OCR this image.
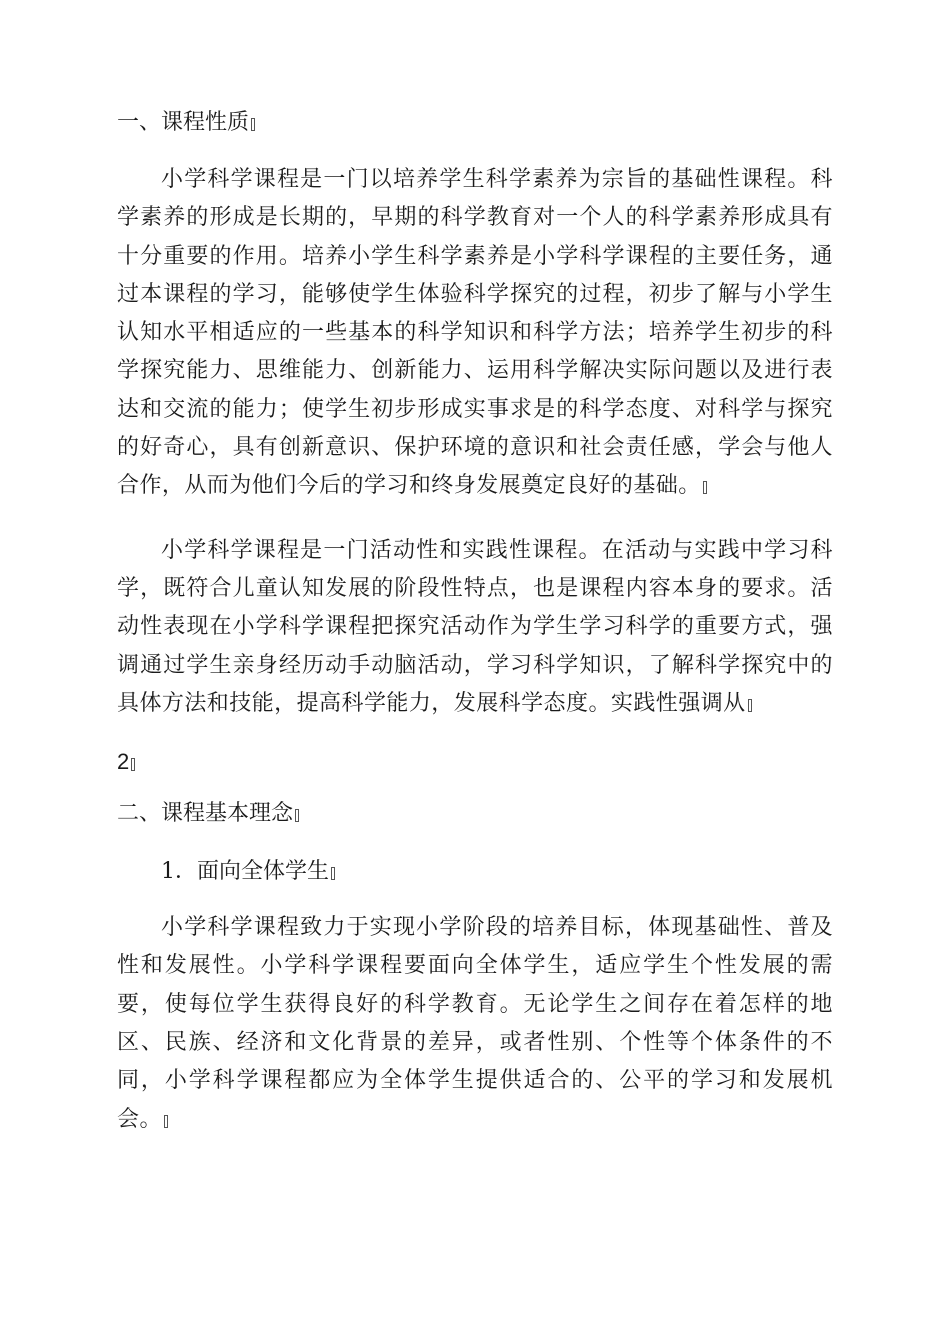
一、课程性质

小学科学课程是一门以培养学生科学素养为宗旨的基础性课程。科学素养的形成是长期的，早期的科学教育对一个人的科学素养形成具有十分重要的作用。培养小学生科学素养是小学科学课程的主要任务，通过本课程的学习，能够使学生体验科学探究的过程，初步了解与小学生认知水平相适应的一些基本的科学知识和科学方法；培养学生初步的科学探究能力、思维能力、创新能力、运用科学解决实际问题以及进行表达和交流的能力；使学生初步形成实事求是的科学态度、对科学与探究的好奇心，具有创新意识、保护环境的意识和社会责任感，学会与他人合作，从而为他们今后的学习和终身发展奠定良好的基础。

小学科学课程是一门活动性和实践性课程。在活动与实践中学习科学，既符合儿童认知发展的阶段性特点，也是课程内容本身的要求。活动性表现在小学科学课程把探究活动作为学生学习科学的重要方式，强调通过学生亲身经历动手动脑活动，学习科学知识，了解科学探究中的具体方法和技能，提高科学能力，发展科学态度。实践性强调从

2

二、课程基本理念

1．面向全体学生

小学科学课程致力于实现小学阶段的培养目标，体现基础性、普及性和发展性。小学科学课程要面向全体学生，适应学生个性发展的需要，使每位学生获得良好的科学教育。无论学生之间存在着怎样的地区、民族、经济和文化背景的差异，或者性别、个性等个体条件的不同，小学科学课程都应为全体学生提供适合的、公平的学习和发展机会。
